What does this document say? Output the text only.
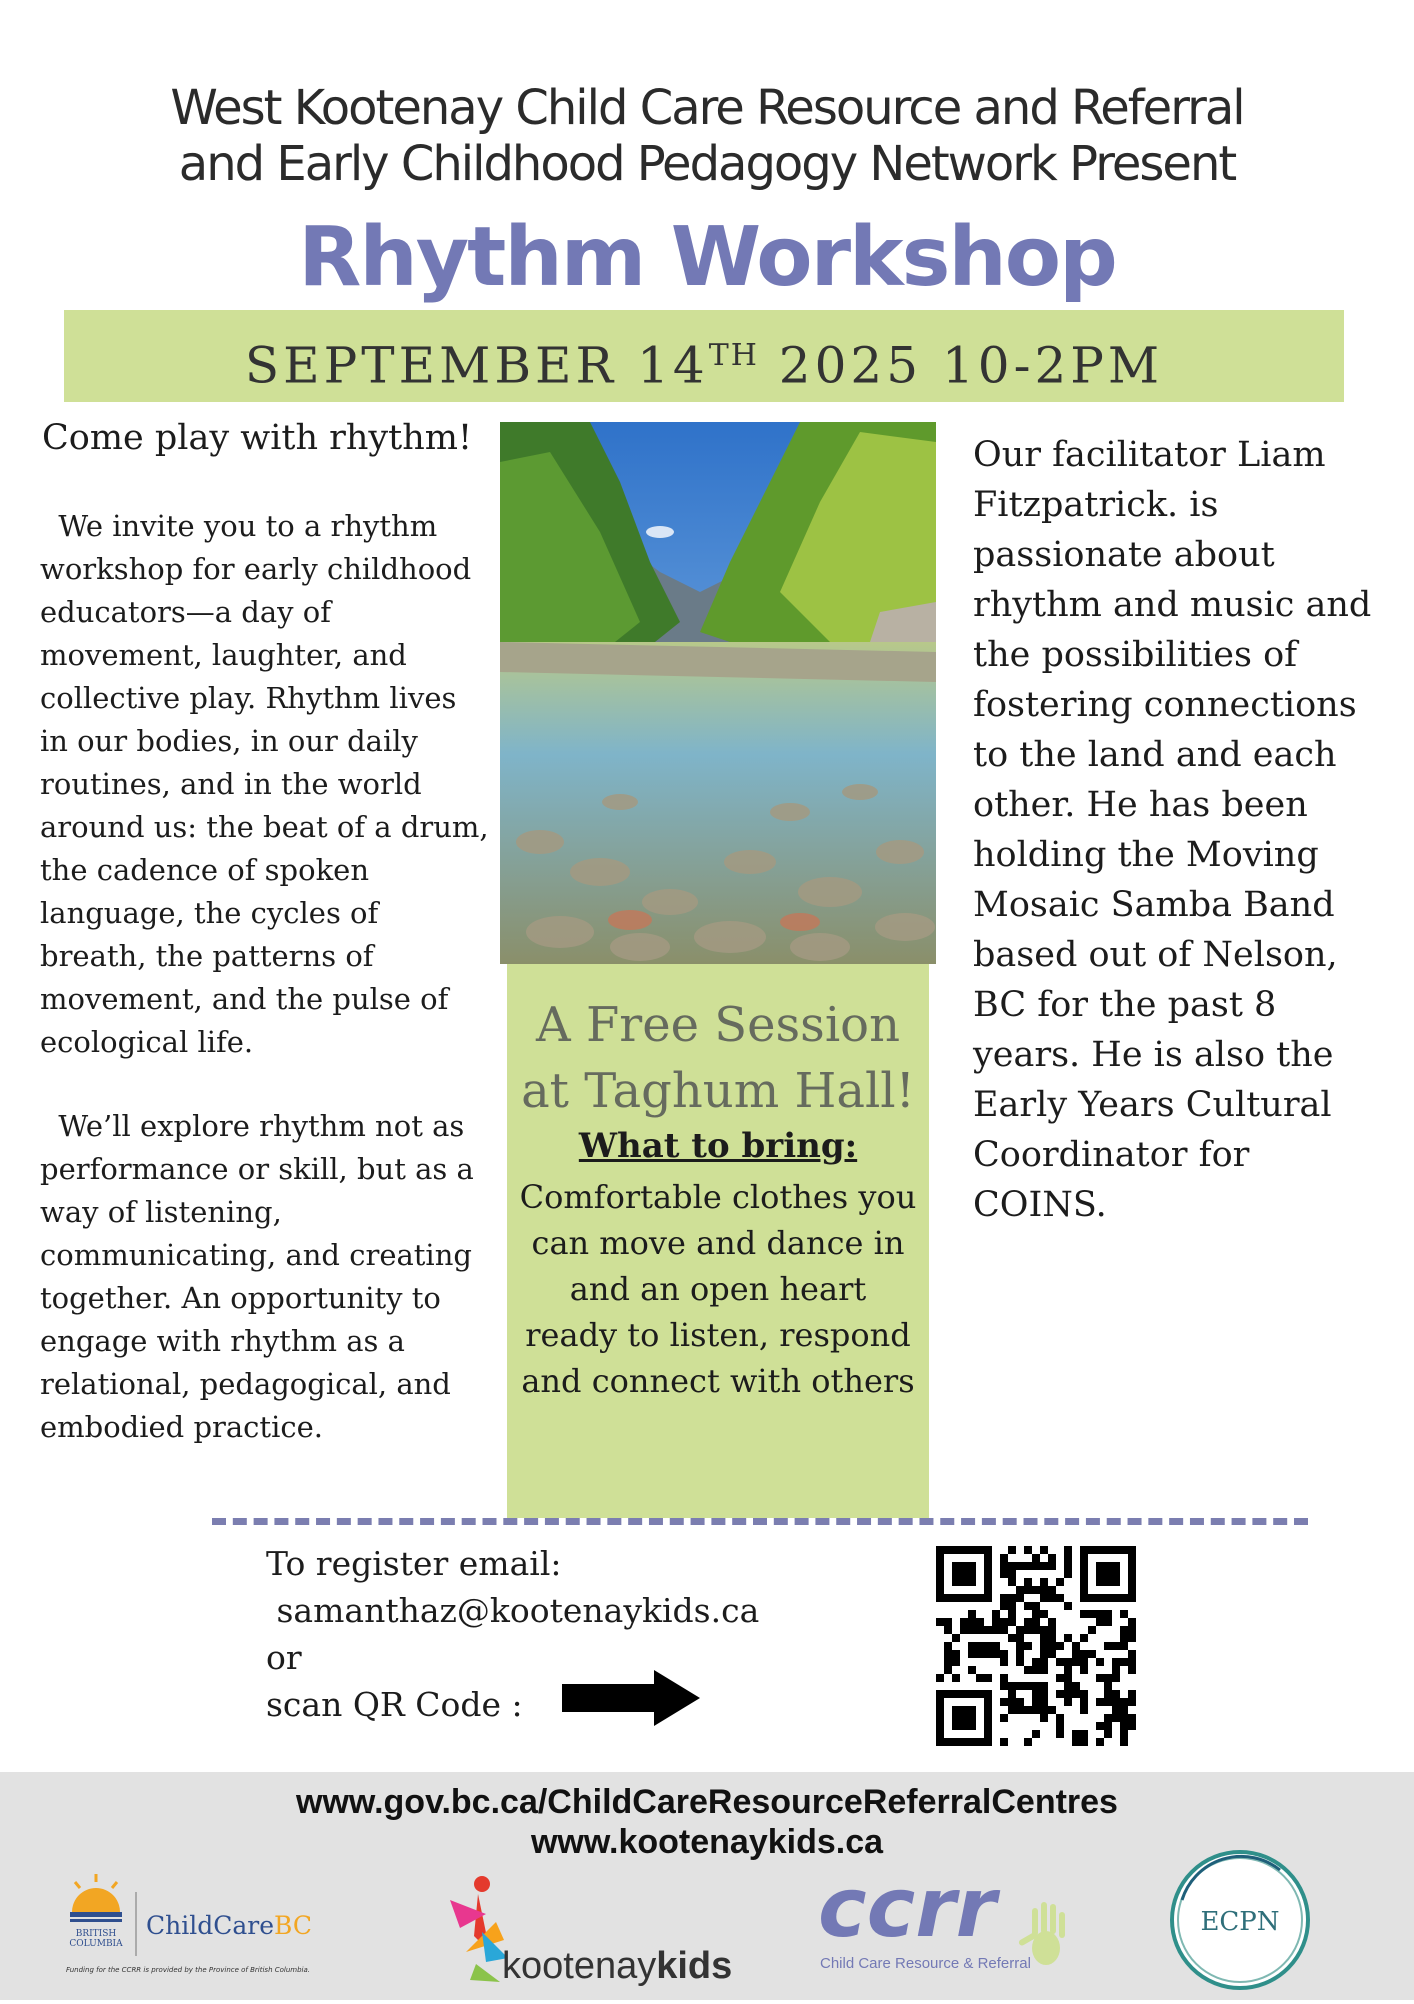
West Kootenay Child Care Resource and Referral
and Early Childhood Pedagogy Network Present
Rhythm Workshop
SEPTEMBER 14TH 2025 10-2PM
Come play with rhythm!
We invite you to a rhythm workshop for early childhood educators—a day of movement, laughter, and collective play. Rhythm lives in our bodies, in our daily routines, and in the world around us: the beat of a drum, the cadence of spoken language, the cycles of breath, the patterns of movement, and the pulse of ecological life.
We’ll explore rhythm not as performance or skill, but as a way of listening, communicating, and creating together. An opportunity to engage with rhythm as a relational, pedagogical, and embodied practice.
A Free Session at Taghum Hall!
What to bring:
Comfortable clothes you can move and dance in and an open heart ready to listen, respond and connect with others
Our facilitator Liam Fitzpatrick. is passionate about rhythm and music and the possibilities of fostering connections to the land and each other. He has been holding the Moving Mosaic Samba Band based out of Nelson, BC for the past 8 years. He is also the Early Years Cultural Coordinator for COINS.
To register email:
samanthaz@kootenaykids.ca
or
scan QR Code :
www.gov.bc.ca/ChildCareResourceReferralCentres
www.kootenaykids.ca
BRITISH
COLUMBIA
ChildCareBC
Funding for the CCRR is provided by the Province of British Columbia.	kootenaykids
ccrr
Child Care Resource & Referral
ECPN
